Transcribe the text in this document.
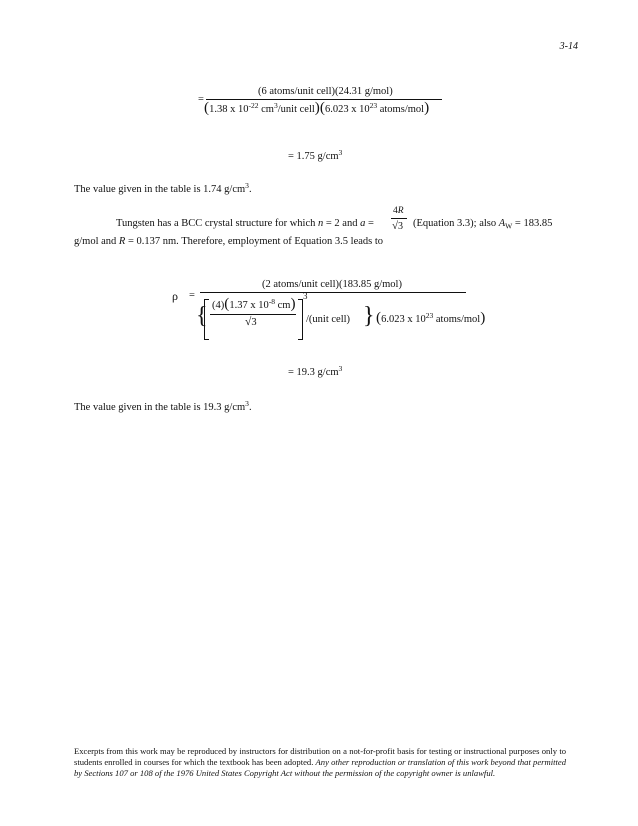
3-14
=
(6 atoms/unit cell)(24.31 g/mol)
(1.38 x $10^{-22}$ $cm^3$/unit cell)(6.023 x $10^{23}$ atoms/mol)
= 1.75 $g/cm^3$
The value given in the table is 1.74 $g/cm^3$.
Tungsten has a BCC crystal structure for which n = 2 and a =
4R
√3 (Equation 3.3); also $A_W = 183.85$
g/mol and R = 0.137 nm. Therefore, employment of Equation 3.5 leads to
ρ =
(2 atoms/unit cell)(183.85 g/mol)
{ (4)(1.37 x $10^{-8}$ cm)
√3
3
/(unit cell) } (6.023 x $10^{23}$ atoms/mol)
= 19.3 $g/cm^3$
The value given in the table is 19.3 $g/cm^3$.
Excerpts from this work may be reproduced by instructors for distribution on a not-for-profit basis for testing or instructional purposes only to students enrolled in courses for which the textbook has been adopted. Any other reproduction or translation of this work beyond that permitted by Sections 107 or 108 of the 1976 United States Copyright Act without the permission of the copyright owner is unlawful.
